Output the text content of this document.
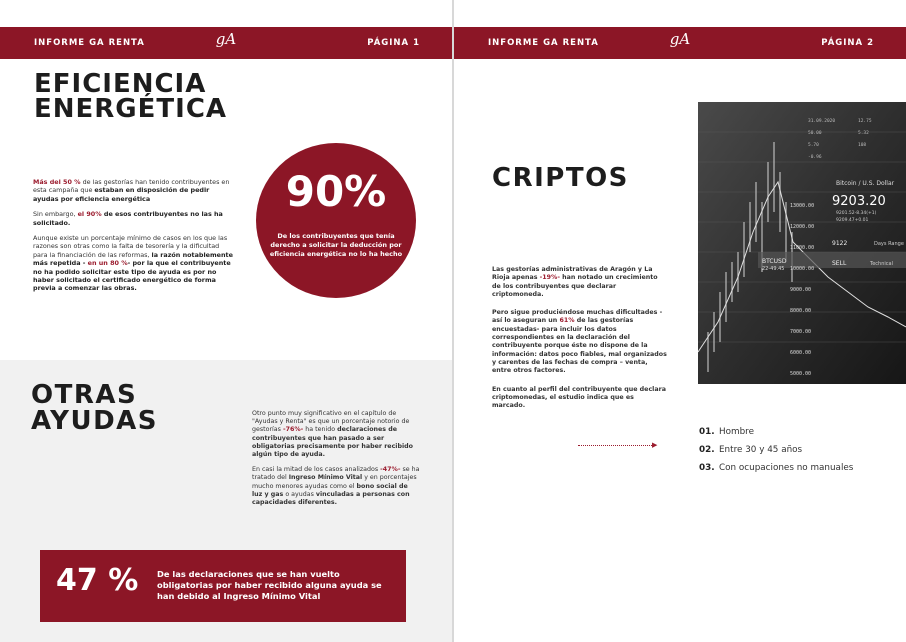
INFORME GA RENTA	gA	PÁGINA 1
EFICIENCIA
ENERGÉTICA

Más del 50 % de las gestorías han tenido contribuyentes en esta campaña que estaban en disposición de pedir ayudas por eficiencia energética

Sin embargo, el 90% de esos contribuyentes no las ha solicitado.

Aunque existe un porcentaje mínimo de casos en los que las razones son otras como la falta de tesorería y la dificultad para la financiación de las reformas, la razón notablemente más repetida - en un 80 %- por la que el contribuyente no ha podido solicitar este tipo de ayuda es por no haber solicitado el certificado energético de forma previa a comenzar las obras.

90%
De los contribuyentes que tenía derecho a solicitar la deducción por eficiencia energética no lo ha hecho
OTRAS
AYUDAS	Otro punto muy significativo en el capítulo de "Ayudas y Renta" es que un porcentaje notorio de gestorías -76%- ha tenido declaraciones de contribuyentes que han pasado a ser obligatorias precisamente por haber recibido algún tipo de ayuda.

En casi la mitad de los casos analizados -47%- se ha tratado del Ingreso Mínimo Vital y en porcentajes mucho menores ayudas como el bono social de luz y gas o ayudas vinculadas a personas con capacidades diferentes.

47 % De las declaraciones que se han vuelto obligatorias por haber recibido alguna ayuda se han debido al Ingreso Mínimo Vital
INFORME GA RENTA	gA	PÁGINA 2
CRIPTOS

Las gestorías administrativas de Aragón y La Rioja apenas -19%- han notado un crecimiento de los contribuyentes que declarar criptomoneda.

Pero sigue produciéndose muchas dificultades - así lo aseguran un 61% de las gestorías encuestadas- para incluir los datos correspondientes en la declaración del contribuyente porque éste no dispone de la información: datos poco fiables, mal organizados y carentes de las fechas de compra – venta, entre otros factores.

En cuanto al perfil del contribuyente que declara criptomonedas, el estudio indica que es marcado.

▶
BTCUSD
22-49.45
Bitcoin / U.S. Dollar
9203.20
9201.52-8.34(+1)
9209.47+0.01
9122	Days Range
SELL	Technical
13000.00
12000.00
11000.00
10000.00
9000.00
8000.00
7000.00
6000.00
5000.00
31.09.2020	12.75
50.00	5.32
5.70	108
-0.96
01. Hombre
02. Entre 30 y 45 años
03. Con ocupaciones no manuales
